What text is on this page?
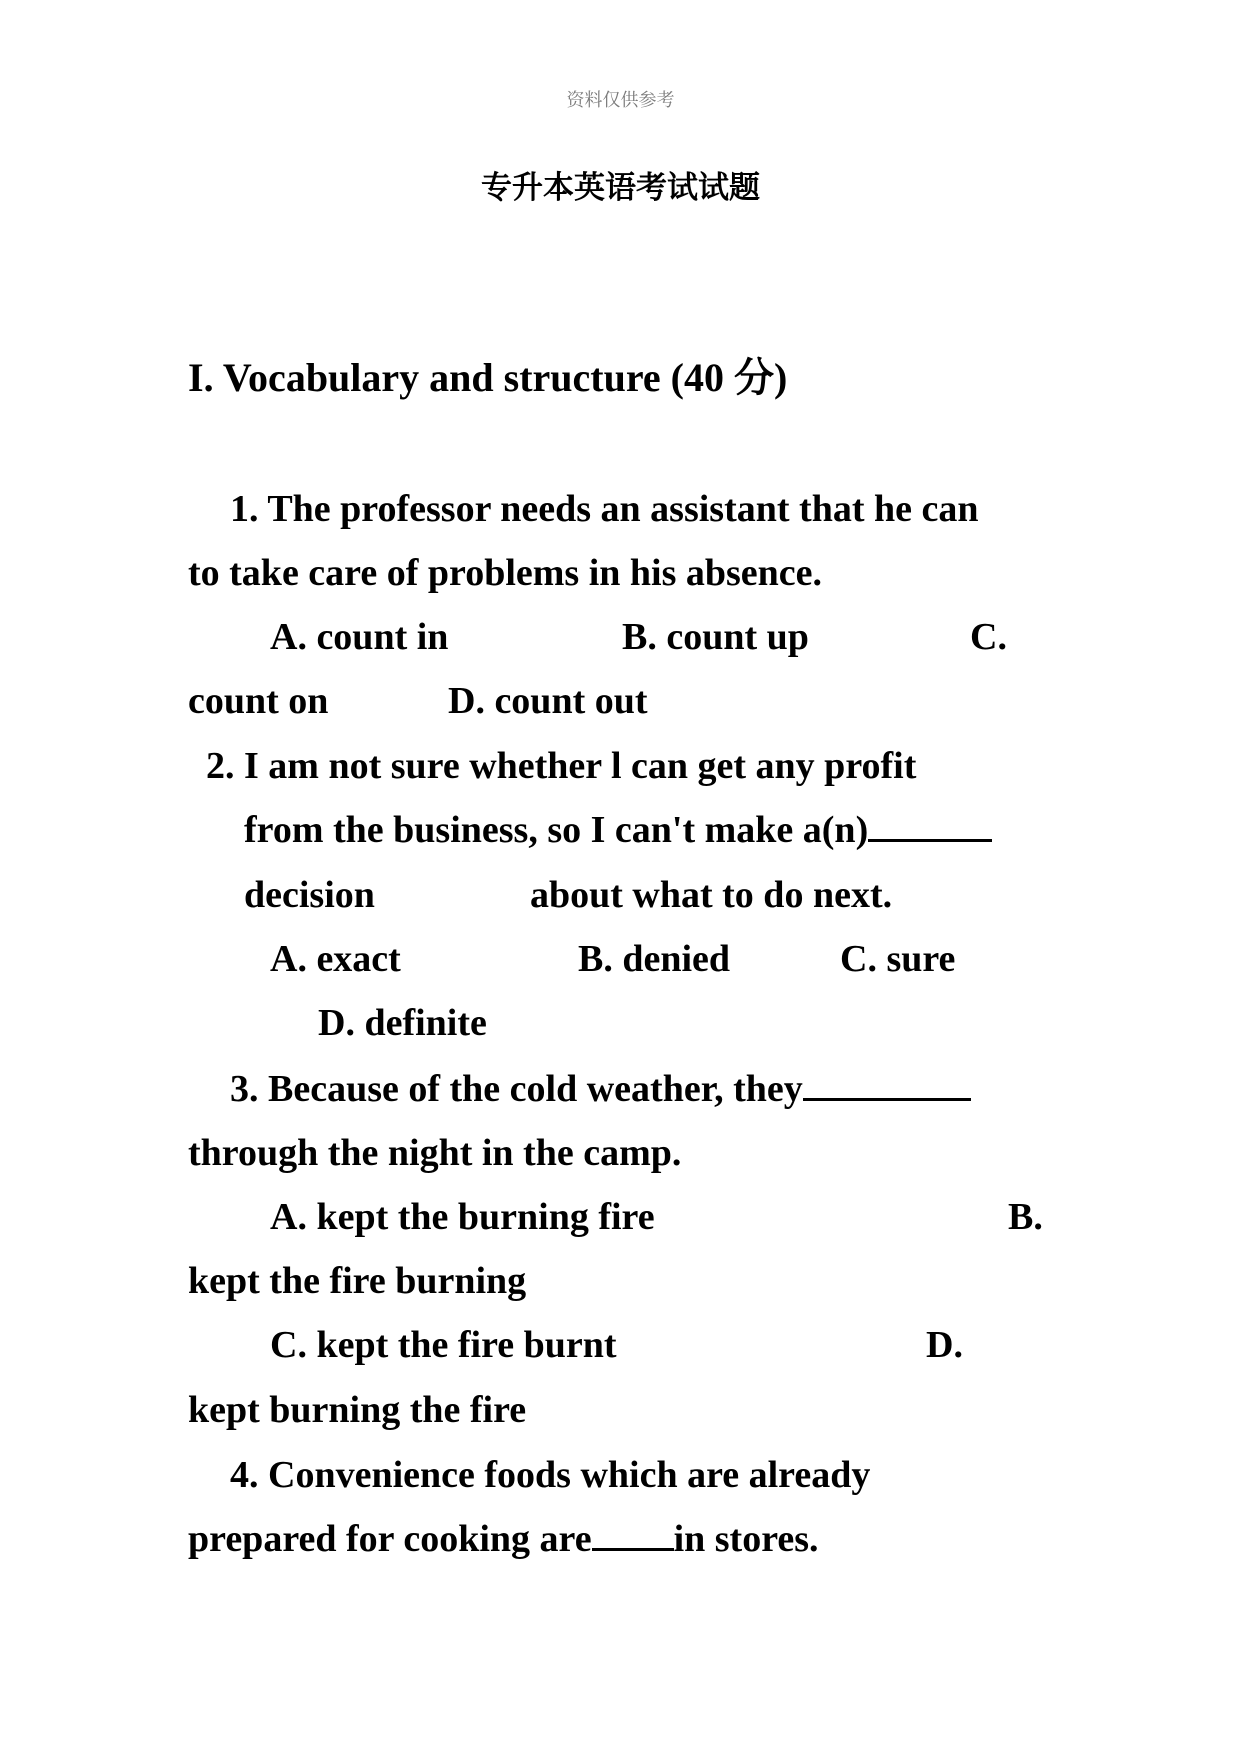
资料仅供参考
专升本英语考试试题
I. Vocabulary and structure (40 分)
1. The professor needs an assistant that he can
to take care of problems in his absence.
A. count in	B. count up	C.
count on	D. count out
2. I am not sure whether l can get any profit
from the business, so I can't make a(n)
decision	about what to do next.
A. exact	B. denied	C. sure
D. definite
3. Because of the cold weather, they
through the night in the camp.
A. kept the burning fire	B.
kept the fire burning
C. kept the fire burnt	D.
kept burning the fire
4. Convenience foods which are already
prepared for cooking are in stores.
